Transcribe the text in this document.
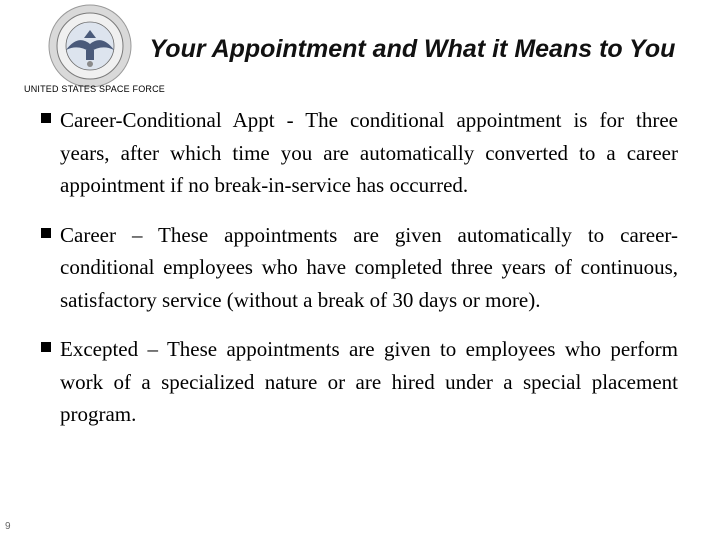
UNITED STATES SPACE FORCE
Your Appointment and What it Means to You
Career-Conditional Appt - The conditional appointment is for three years, after which time you are automatically converted to a career appointment if no break-in-service has occurred.
Career – These appointments are given automatically to career-conditional employees who have completed three years of continuous, satisfactory service (without a break of 30 days or more).
Excepted – These appointments are given to employees who perform work of a specialized nature or are hired under a special placement program.
9
